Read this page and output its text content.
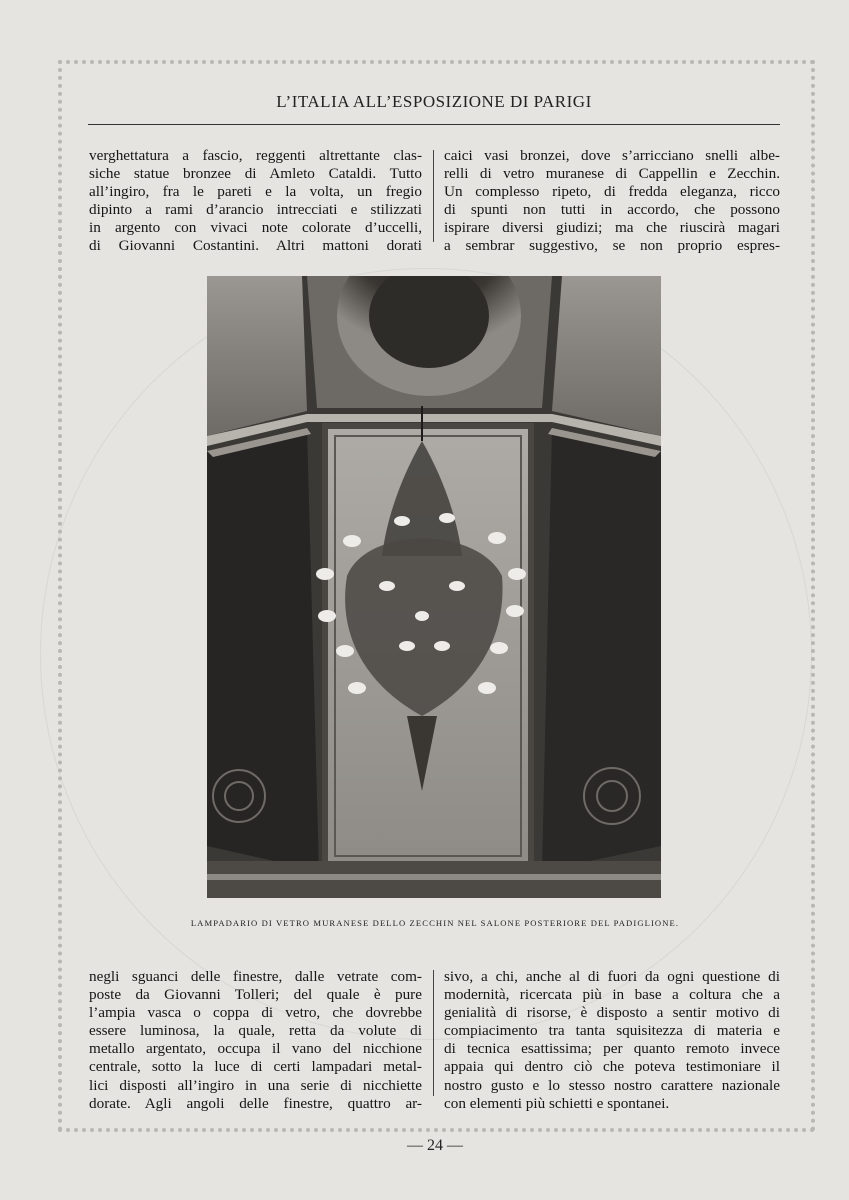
L’ITALIA ALL’ESPOSIZIONE DI PARIGI
verghettatura a fascio, reggenti altrettante clas-
siche statue bronzee di Amleto Cataldi. Tutto
all’ingiro, fra le pareti e la volta, un fregio
dipinto a rami d’arancio intrecciati e stilizzati
in argento con vivaci note colorate d’uccelli,
di Giovanni Costantini. Altri mattoni dorati
caici vasi bronzei, dove s’arricciano snelli albe-
relli di vetro muranese di Cappellin e Zecchin.
Un complesso ripeto, di fredda eleganza, ricco
di spunti non tutti in accordo, che possono
ispirare diversi giudizi; ma che riuscirà magari
a sembrar suggestivo, se non proprio espres-
LAMPADARIO DI VETRO MURANESE DELLO ZECCHIN NEL SALONE POSTERIORE DEL PADIGLIONE.
negli sguanci delle finestre, dalle vetrate com-
poste da Giovanni Tolleri; del quale è pure
l’ampia vasca o coppa di vetro, che dovrebbe
essere luminosa, la quale, retta da volute di
metallo argentato, occupa il vano del nicchione
centrale, sotto la luce di certi lampadari metal-
lici disposti all’ingiro in una serie di nicchiette
dorate. Agli angoli delle finestre, quattro ar-
sivo, a chi, anche al di fuori da ogni questione di
modernità, ricercata più in base a coltura che a
genialità di risorse, è disposto a sentir motivo di
compiacimento tra tanta squisitezza di materia e
di tecnica esattissima; per quanto remoto invece
appaia qui dentro ciò che poteva testimoniare il
nostro gusto e lo stesso nostro carattere nazionale
con elementi più schietti e spontanei.
— 24 —
